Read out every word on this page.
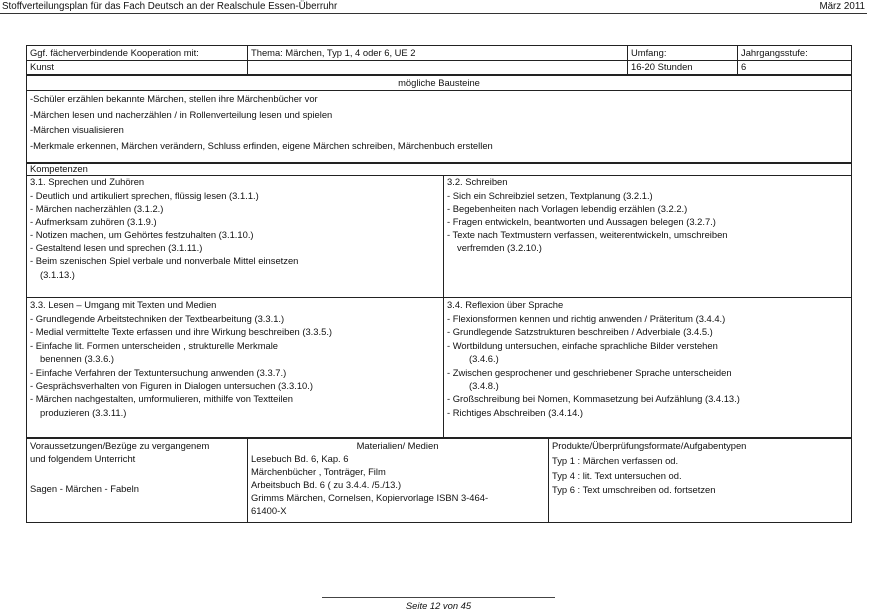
Stoffverteilungsplan für das Fach Deutsch an der Realschule Essen-Überruhr	März 2011
Ggf. fächerverbindende Kooperation mit:
Kunst
Thema: Märchen, Typ 1, 4 oder 6, UE 2	Umfang:
16-20 Stunden
Jahrgangsstufe:
6
mögliche Bausteine
-Schüler erzählen bekannte Märchen, stellen ihre Märchenbücher vor
-Märchen lesen und nacherzählen / in Rollenverteilung lesen und spielen
-Märchen visualisieren
-Merkmale erkennen, Märchen verändern, Schluss erfinden, eigene Märchen schreiben, Märchenbuch erstellen
Kompetenzen
3.1. Sprechen und Zuhören
- Deutlich und artikuliert sprechen, flüssig lesen (3.1.1.)
- Märchen nacherzählen (3.1.2.)
- Aufmerksam zuhören (3.1.9.)
- Notizen machen, um Gehörtes festzuhalten (3.1.10.)
- Gestaltend lesen und sprechen (3.1.11.)
- Beim szenischen Spiel verbale und nonverbale Mittel einsetzen
(3.1.13.)
3.2. Schreiben
- Sich ein Schreibziel setzen, Textplanung (3.2.1.)
- Begebenheiten nach Vorlagen lebendig erzählen (3.2.2.)
- Fragen entwickeln, beantworten und Aussagen belegen (3.2.7.)
- Texte nach Textmustern verfassen, weiterentwickeln, umschreiben
verfremden (3.2.10.)
3.3. Lesen – Umgang mit Texten und Medien
- Grundlegende Arbeitstechniken der Textbearbeitung (3.3.1.)
- Medial vermittelte Texte erfassen und ihre Wirkung beschreiben (3.3.5.)
- Einfache lit. Formen unterscheiden , strukturelle Merkmale
benennen (3.3.6.)
- Einfache Verfahren der Textuntersuchung anwenden (3.3.7.)
- Gesprächsverhalten von Figuren in Dialogen untersuchen (3.3.10.)
- Märchen nachgestalten, umformulieren, mithilfe von Textteilen
produzieren (3.3.11.)
3.4. Reflexion über Sprache
- Flexionsformen kennen und richtig anwenden / Präteritum (3.4.4.)
- Grundlegende Satzstrukturen beschreiben / Adverbiale (3.4.5.)
- Wortbildung untersuchen, einfache sprachliche Bilder verstehen
(3.4.6.)
- Zwischen gesprochener und geschriebener Sprache unterscheiden
(3.4.8.)
- Großschreibung bei Nomen, Kommasetzung bei Aufzählung (3.4.13.)
- Richtiges Abschreiben (3.4.14.)
Voraussetzungen/Bezüge zu vergangenem
und folgendem Unterricht
Sagen - Märchen - Fabeln
Materialien/ Medien
Lesebuch Bd. 6, Kap. 6
Märchenbücher , Tonträger, Film
Arbeitsbuch Bd. 6 ( zu 3.4.4. /5./13.)
Grimms Märchen, Cornelsen, Kopiervorlage ISBN 3-464-
61400-X
Produkte/Überprüfungsformate/Aufgabentypen
Typ 1 : Märchen verfassen od.
Typ 4 : lit. Text untersuchen od.
Typ 6 : Text umschreiben od. fortsetzen
Seite 12 von 45
